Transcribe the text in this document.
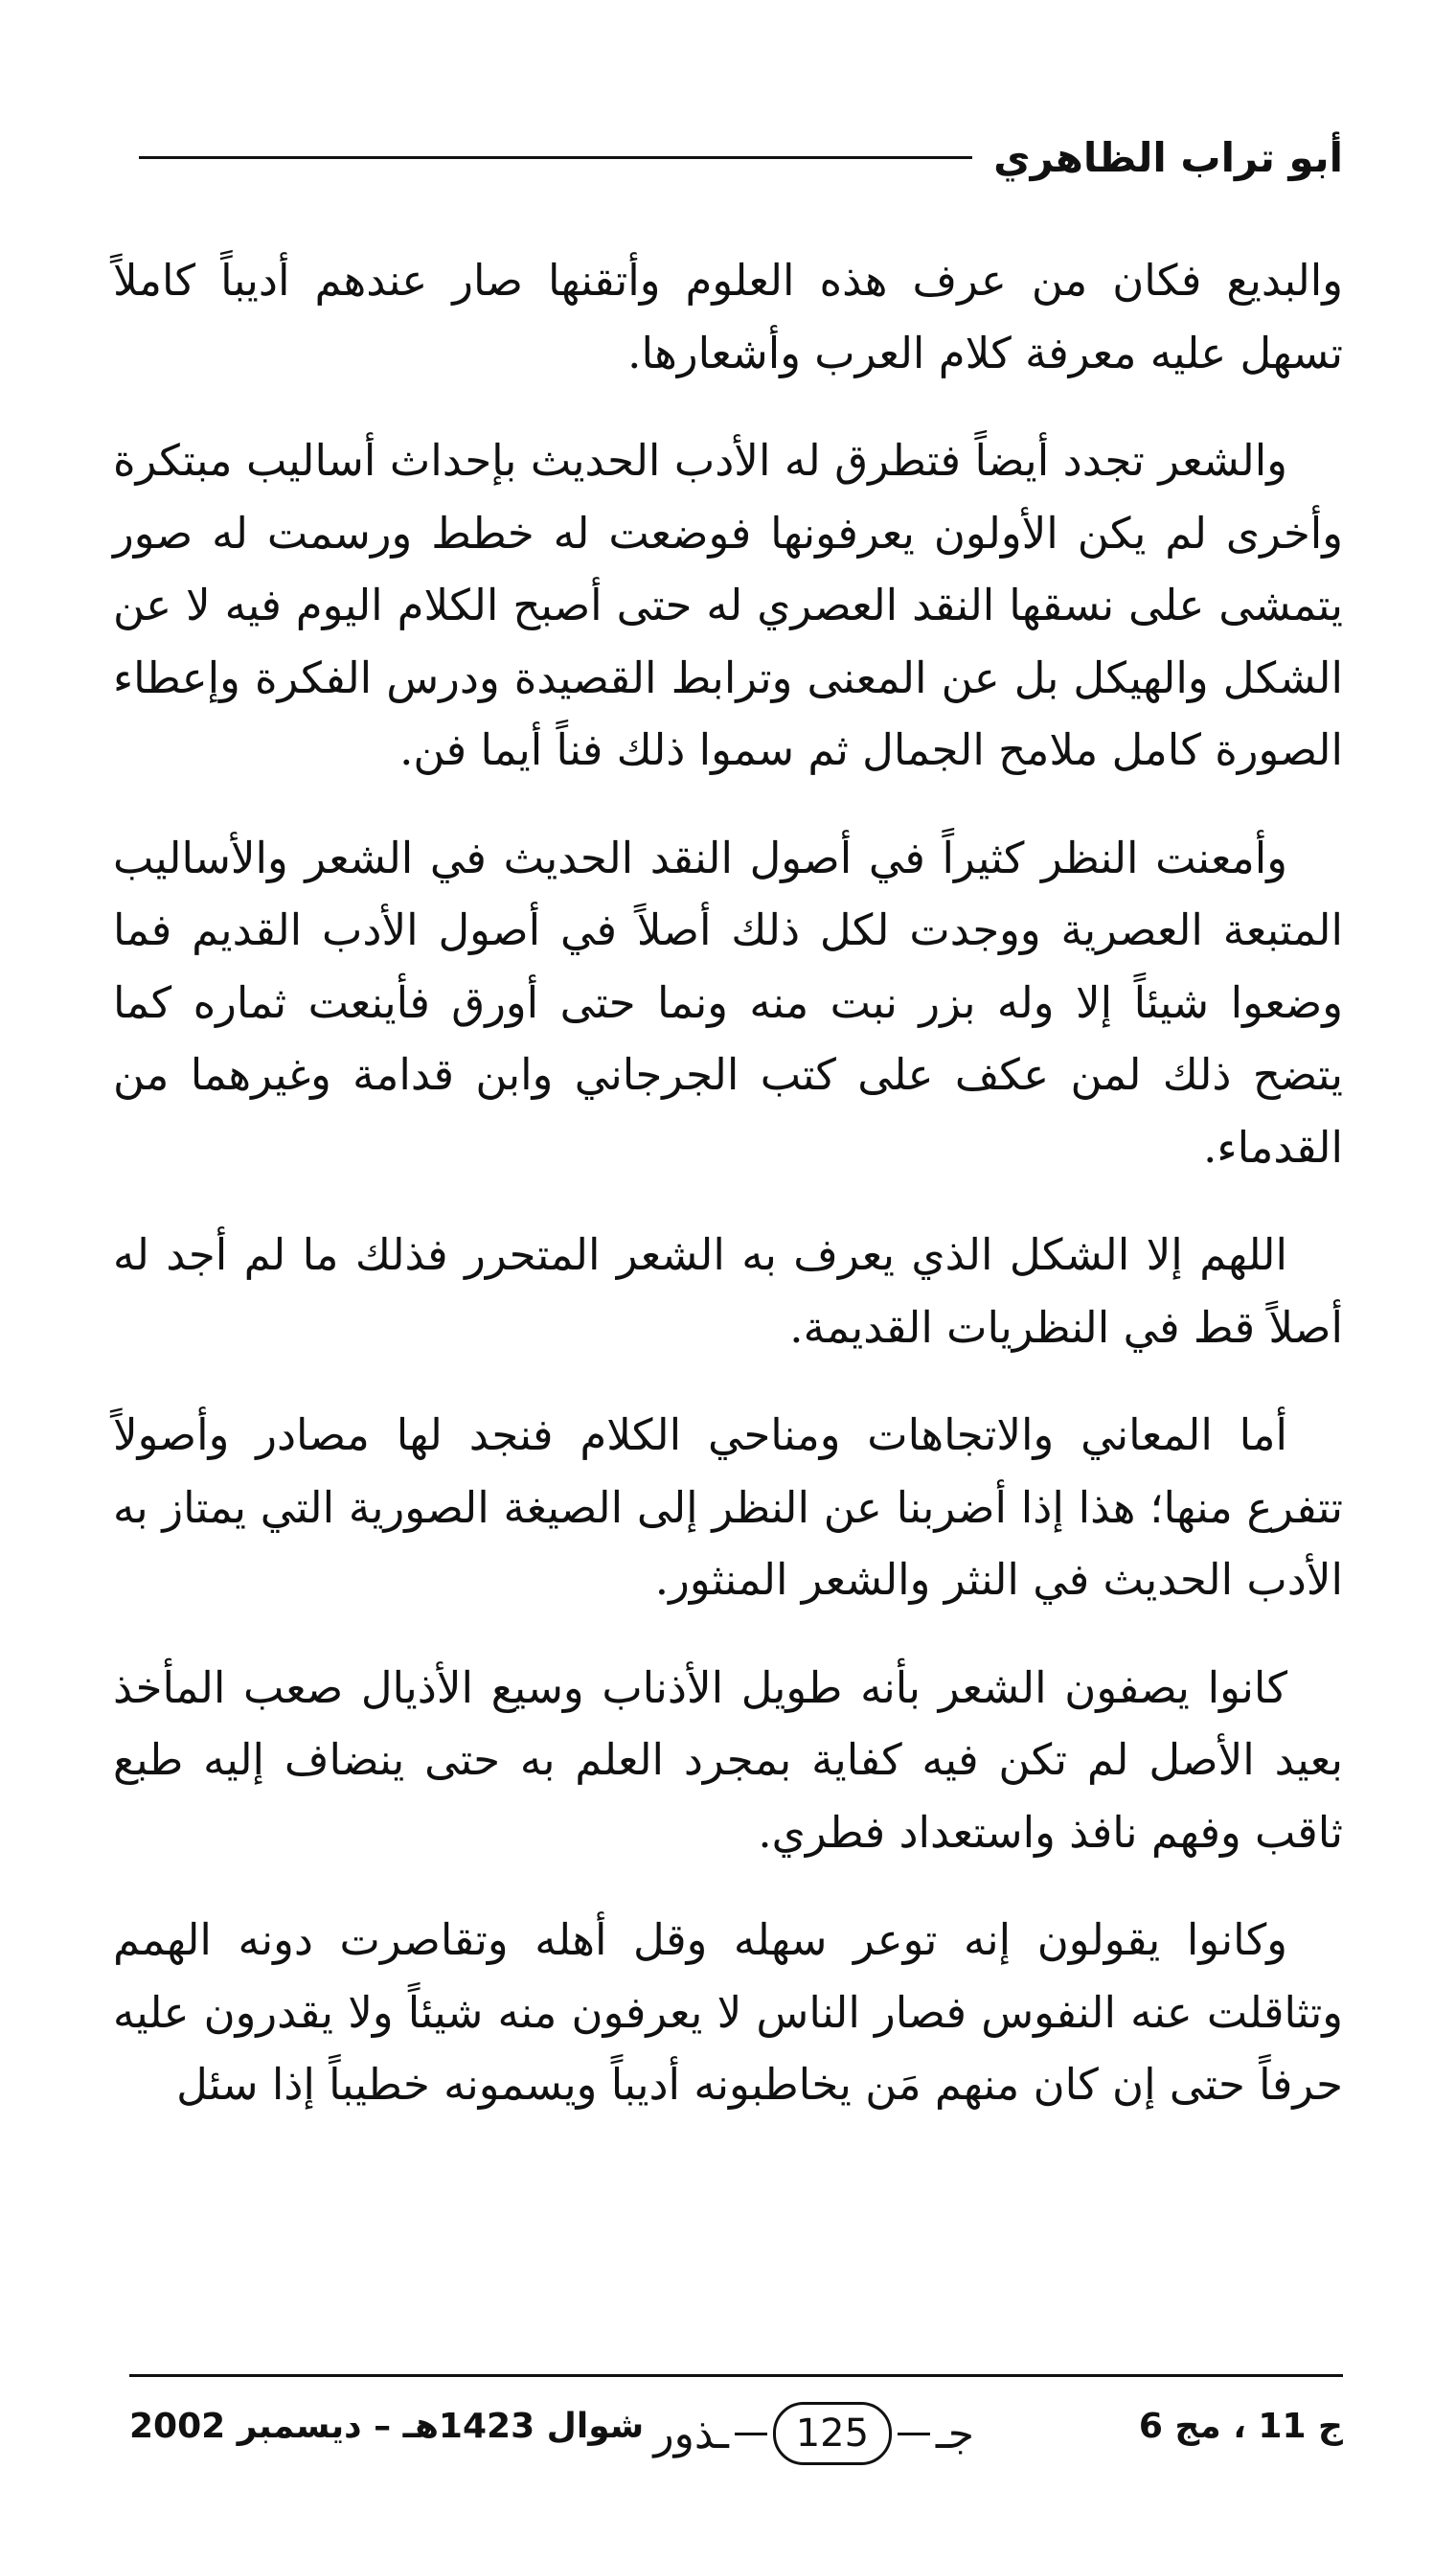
أبو تراب الظاهري

والبديع فكان من عرف هذه العلوم وأتقنها صار عندهم أديباً كاملاً تسهل عليه معرفة كلام العرب وأشعارها.

والشعر تجدد أيضاً فتطرق له الأدب الحديث بإحداث أساليب مبتكرة وأخرى لم يكن الأولون يعرفونها فوضعت له خطط ورسمت له صور يتمشى على نسقها النقد العصري له حتى أصبح الكلام اليوم فيه لا عن الشكل والهيكل بل عن المعنى وترابط القصيدة ودرس الفكرة وإعطاء الصورة كامل ملامح الجمال ثم سموا ذلك فناً أيما فن.

وأمعنت النظر كثيراً في أصول النقد الحديث في الشعر والأساليب المتبعة العصرية ووجدت لكل ذلك أصلاً في أصول الأدب القديم فما وضعوا شيئاً إلا وله بزر نبت منه ونما حتى أورق فأينعت ثماره كما يتضح ذلك لمن عكف على كتب الجرجاني وابن قدامة وغيرهما من القدماء.

اللهم إلا الشكل الذي يعرف به الشعر المتحرر فذلك ما لم أجد له أصلاً قط في النظريات القديمة.

أما المعاني والاتجاهات ومناحي الكلام فنجد لها مصادر وأصولاً تتفرع منها؛ هذا إذا أضربنا عن النظر إلى الصيغة الصورية التي يمتاز به الأدب الحديث في النثر والشعر المنثور.

كانوا يصفون الشعر بأنه طويل الأذناب وسيع الأذيال صعب المأخذ بعيد الأصل لم تكن فيه كفاية بمجرد العلم به حتى ينضاف إليه طبع ثاقب وفهم نافذ واستعداد فطري.

وكانوا يقولون إنه توعر سهله وقل أهله وتقاصرت دونه الهمم وتثاقلت عنه النفوس فصار الناس لا يعرفون منه شيئاً ولا يقدرون عليه حرفاً حتى إن كان منهم مَن يخاطبونه أديباً ويسمونه خطيباً إذا سئل

ج 11 ، مج 6
جـ
125
ـذور
شوال 1423هـ – ديسمبر 2002
